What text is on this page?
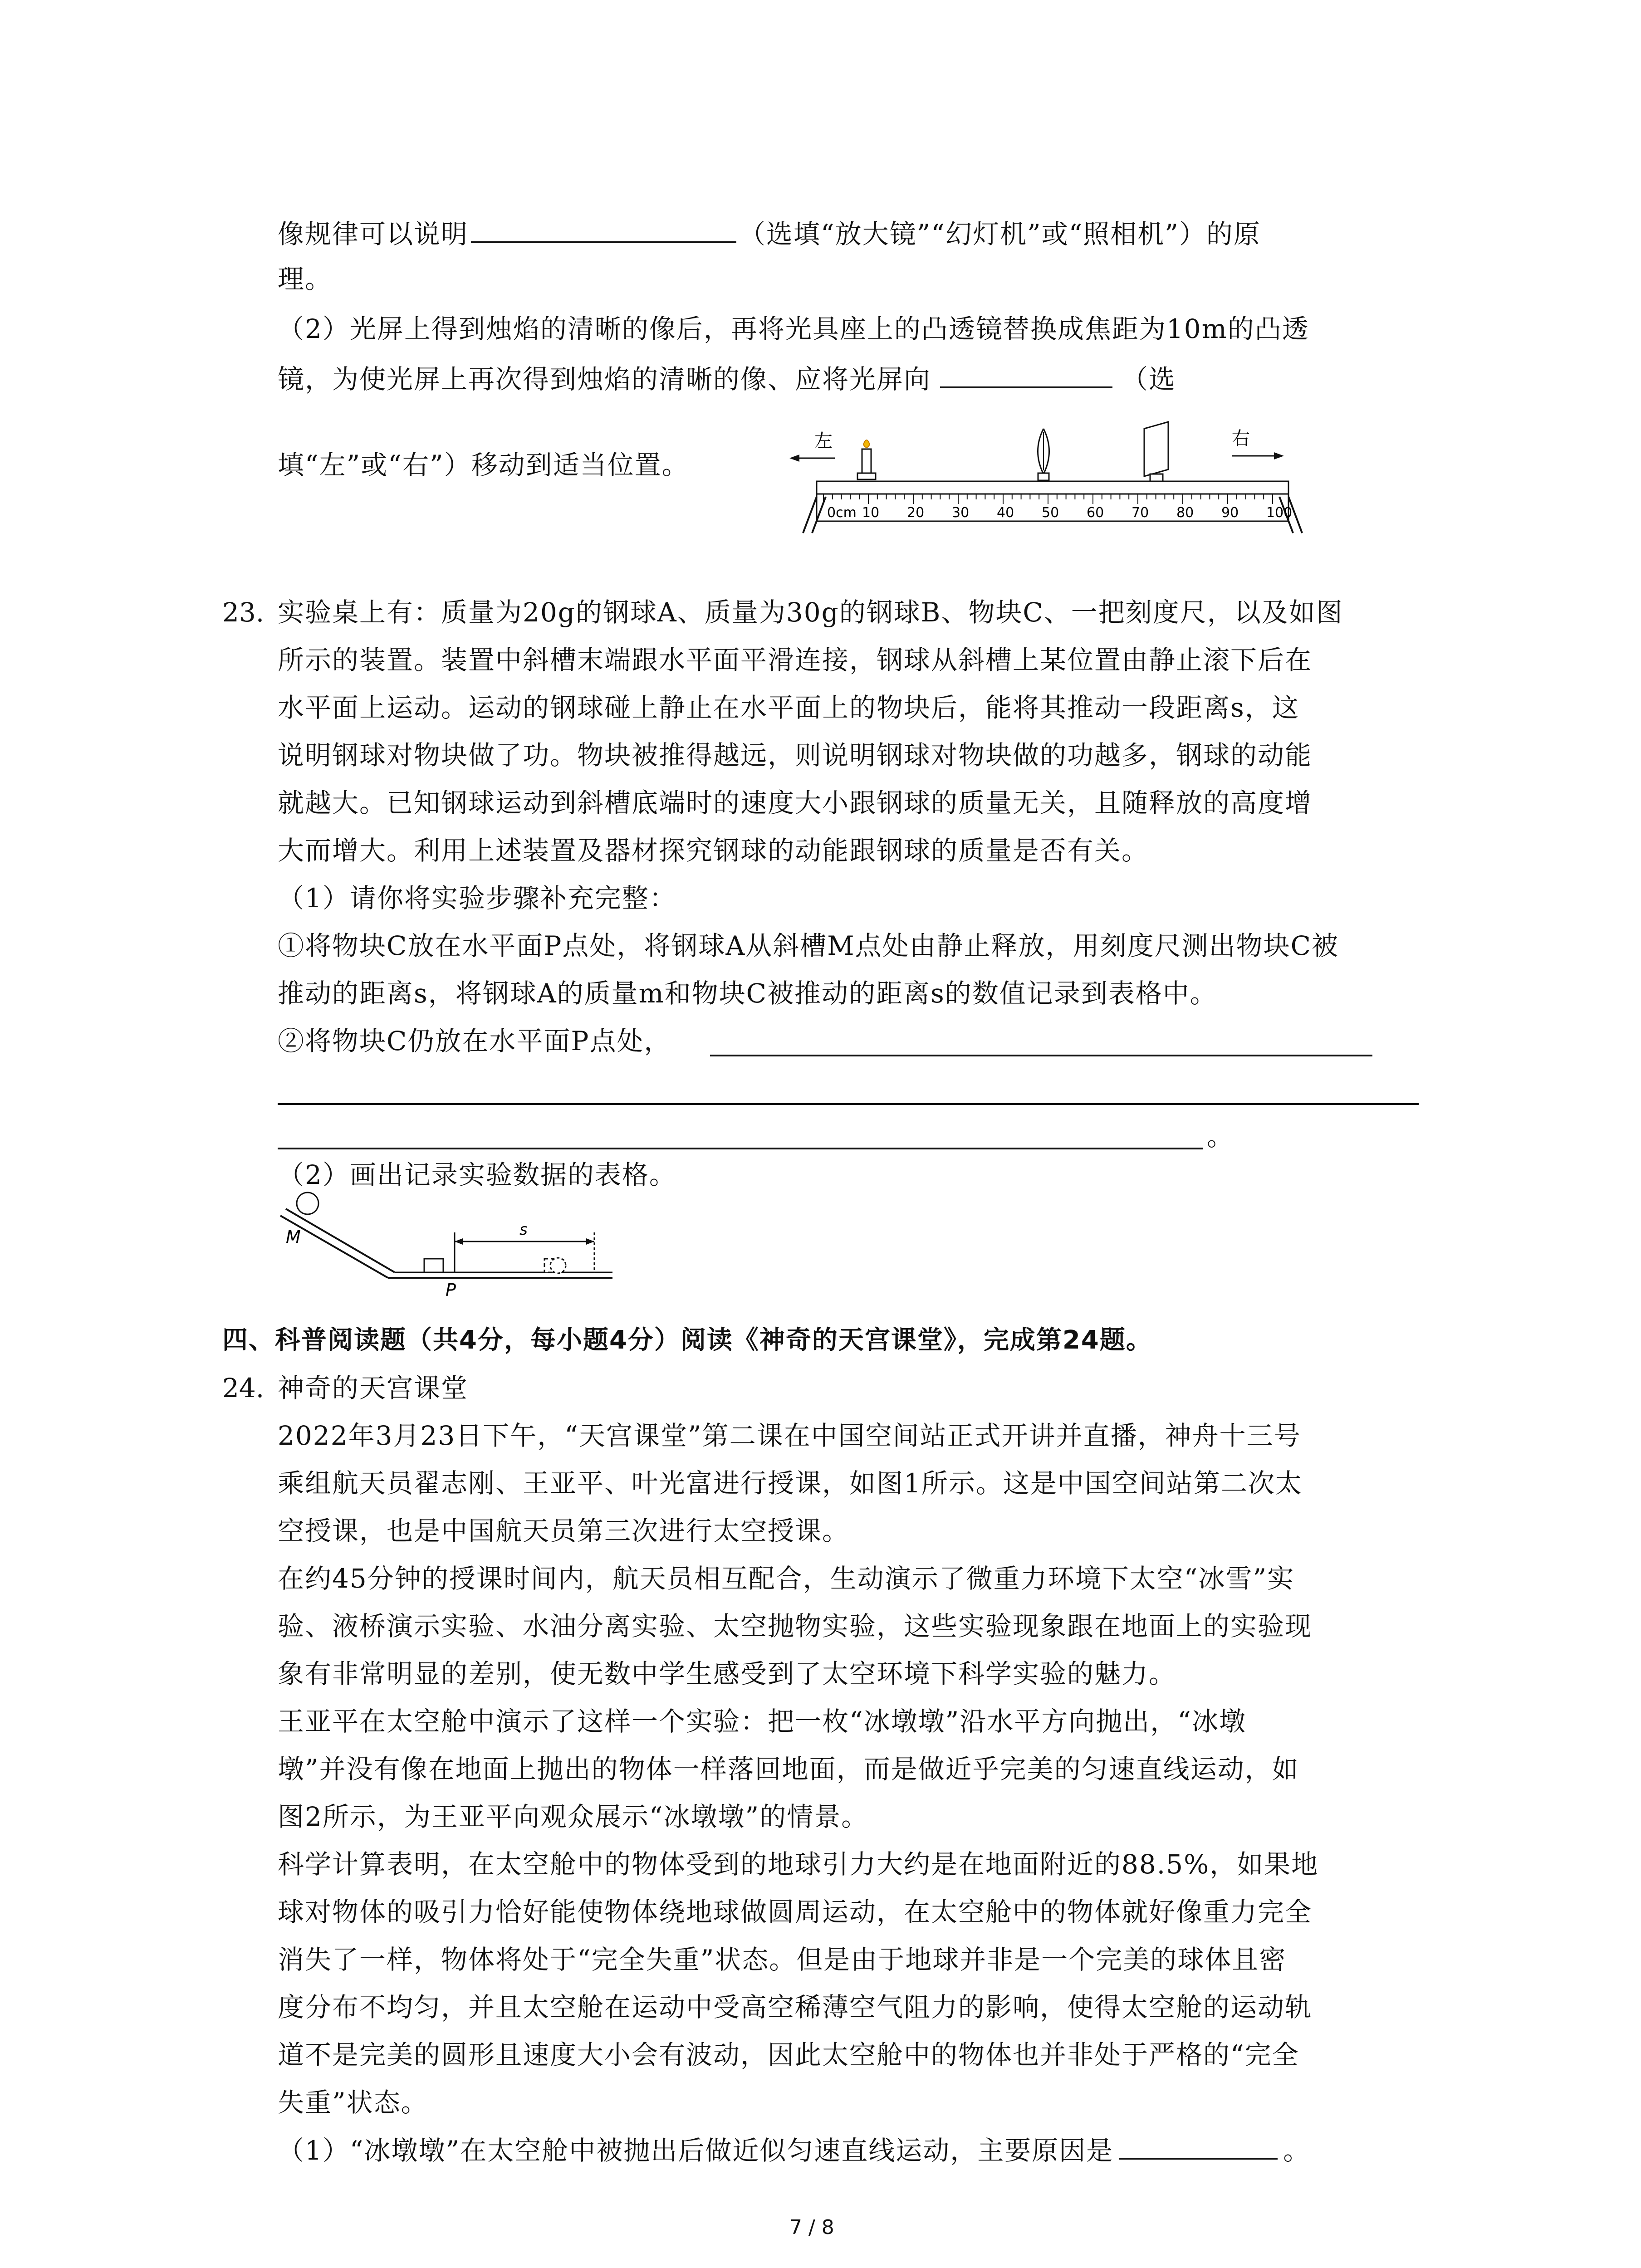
像规律可以说明	（选填“放大镜”“幻灯机”或“照相机”）的原
理。
（2）光屏上得到烛焰的清晰的像后，再将光具座上的凸透镜替换成焦距为10m的凸透
镜，为使光屏上再次得到烛焰的清晰的像、应将光屏向	（选
填“左”或“右”）移动到适当位置。
左	右
0cm 10 20 30 40 50 60 70 80 90 100
23. 实验桌上有：质量为20g的钢球A、质量为30g的钢球B、物块C、一把刻度尺，以及如图
所示的装置。装置中斜槽末端跟水平面平滑连接，钢球从斜槽上某位置由静止滚下后在
水平面上运动。运动的钢球碰上静止在水平面上的物块后，能将其推动一段距离s，这
说明钢球对物块做了功。物块被推得越远，则说明钢球对物块做的功越多，钢球的动能
就越大。已知钢球运动到斜槽底端时的速度大小跟钢球的质量无关，且随释放的高度增
大而增大。利用上述装置及器材探究钢球的动能跟钢球的质量是否有关。
（1）请你将实验步骤补充完整：
①将物块C放在水平面P点处，将钢球A从斜槽M点处由静止释放，用刻度尺测出物块C被
推动的距离s，将钢球A的质量m和物块C被推动的距离s的数值记录到表格中。
②将物块C仍放在水平面P点处，
。
（2）画出记录实验数据的表格。
M
P
s
四、科普阅读题（共4分，每小题4分）阅读《神奇的天宫课堂》，完成第24题。
24. 神奇的天宫课堂
2022年3月23日下午，“天宫课堂”第二课在中国空间站正式开讲并直播，神舟十三号
乘组航天员翟志刚、王亚平、叶光富进行授课，如图1所示。这是中国空间站第二次太
空授课，也是中国航天员第三次进行太空授课。
在约45分钟的授课时间内，航天员相互配合，生动演示了微重力环境下太空“冰雪”实
验、液桥演示实验、水油分离实验、太空抛物实验，这些实验现象跟在地面上的实验现
象有非常明显的差别，使无数中学生感受到了太空环境下科学实验的魅力。
王亚平在太空舱中演示了这样一个实验：把一枚“冰墩墩”沿水平方向抛出，“冰墩
墩”并没有像在地面上抛出的物体一样落回地面，而是做近乎完美的匀速直线运动，如
图2所示，为王亚平向观众展示“冰墩墩”的情景。
科学计算表明，在太空舱中的物体受到的地球引力大约是在地面附近的88.5%，如果地
球对物体的吸引力恰好能使物体绕地球做圆周运动，在太空舱中的物体就好像重力完全
消失了一样，物体将处于“完全失重”状态。但是由于地球并非是一个完美的球体且密
度分布不均匀，并且太空舱在运动中受高空稀薄空气阻力的影响，使得太空舱的运动轨
道不是完美的圆形且速度大小会有波动，因此太空舱中的物体也并非处于严格的“完全
失重”状态。
（1）“冰墩墩”在太空舱中被抛出后做近似匀速直线运动，主要原因是	。
7 / 8
